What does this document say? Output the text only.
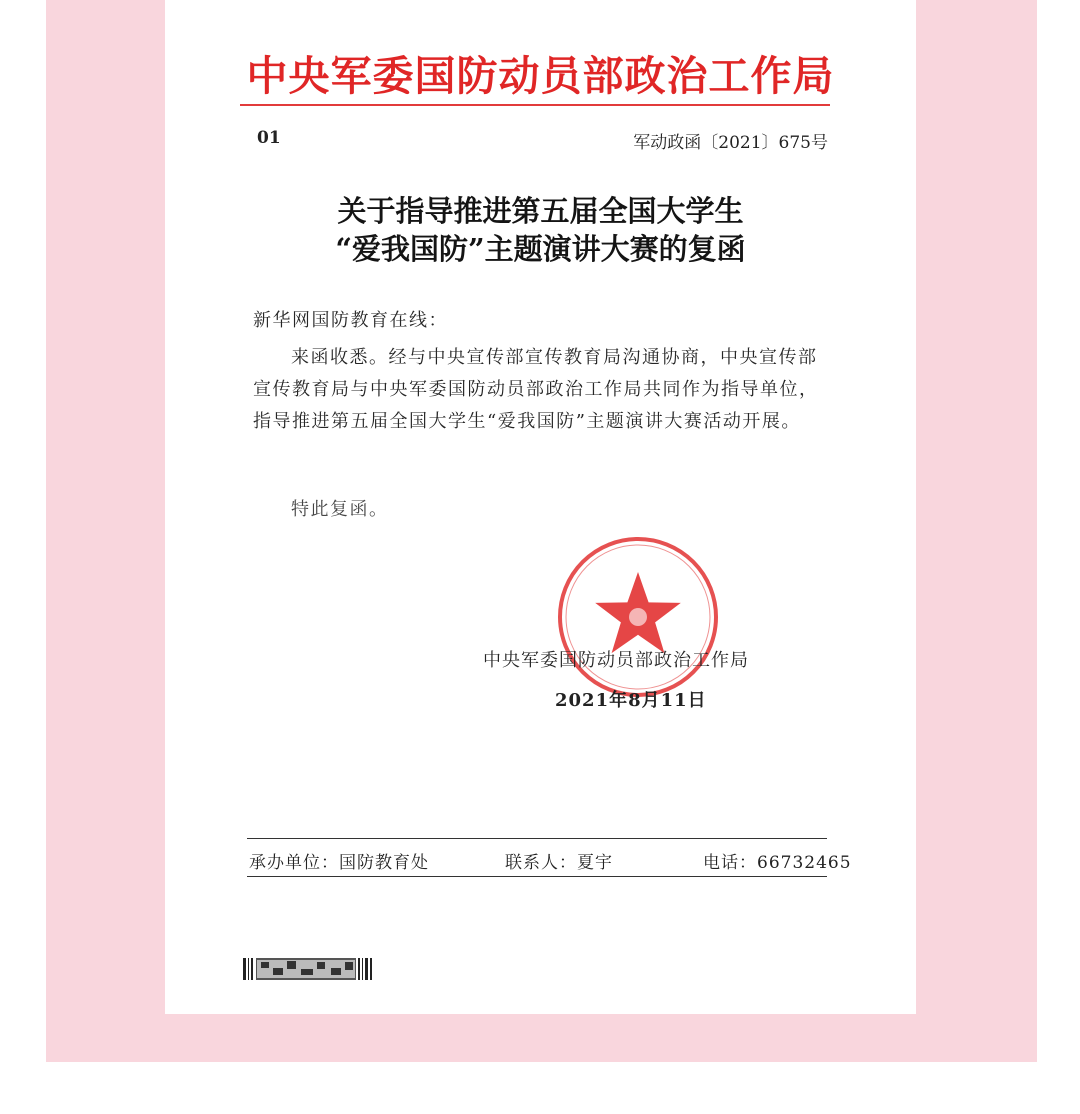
中央军委国防动员部政治工作局
01	军动政函〔2021〕675号
关于指导推进第五届全国大学生
“爱我国防”主题演讲大赛的复函
新华网国防教育在线：
来函收悉。经与中央宣传部宣传教育局沟通协商，中央宣传部宣传教育局与中央军委国防动员部政治工作局共同作为指导单位，指导推进第五届全国大学生“爱我国防”主题演讲大赛活动开展。
特此复函。
中央军委国防动员部政治工作局
2021年8月11日
承办单位：国防教育处	联系人：夏宇	电话：66732465
